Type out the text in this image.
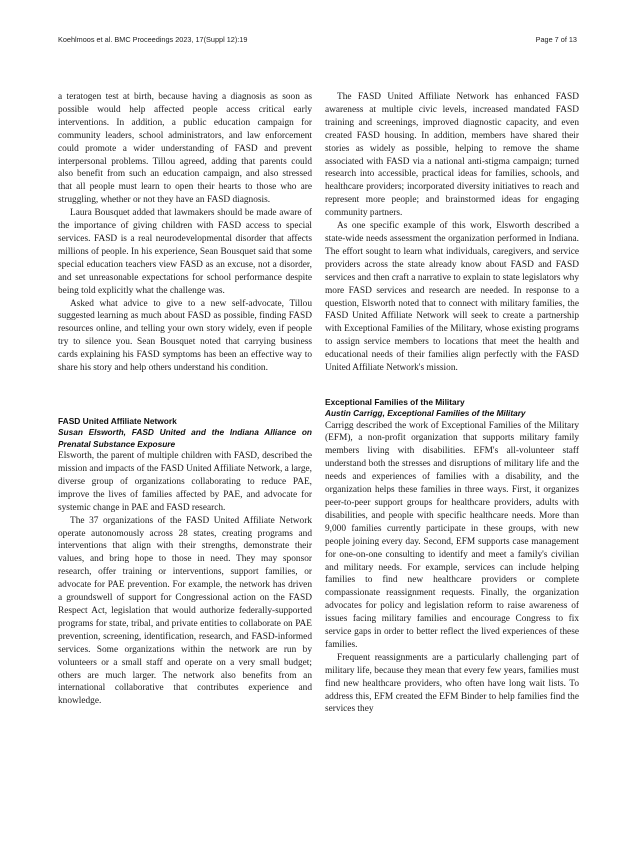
Koehlmoos et al. BMC Proceedings 2023, 17(Suppl 12):19	Page 7 of 13

a teratogen test at birth, because having a diagnosis as soon as possible would help affected people access critical early interventions. In addition, a public education campaign for community leaders, school administrators, and law enforcement could promote a wider understanding of FASD and prevent interpersonal problems. Tillou agreed, adding that parents could also benefit from such an education campaign, and also stressed that all people must learn to open their hearts to those who are struggling, whether or not they have an FASD diagnosis.

Laura Bousquet added that lawmakers should be made aware of the importance of giving children with FASD access to special services. FASD is a real neurodevelopmental disorder that affects millions of people. In his experience, Sean Bousquet said that some special education teachers view FASD as an excuse, not a disorder, and set unreasonable expectations for school performance despite being told explicitly what the challenge was.

Asked what advice to give to a new self-advocate, Tillou suggested learning as much about FASD as possible, finding FASD resources online, and telling your own story widely, even if people try to silence you. Sean Bousquet noted that carrying business cards explaining his FASD symptoms has been an effective way to share his story and help others understand his condition.

FASD United Affiliate Network
Susan Elsworth, FASD United and the Indiana Alliance on Prenatal Substance Exposure

Elsworth, the parent of multiple children with FASD, described the mission and impacts of the FASD United Affiliate Network, a large, diverse group of organizations collaborating to reduce PAE, improve the lives of families affected by PAE, and advocate for systemic change in PAE and FASD research.

The 37 organizations of the FASD United Affiliate Network operate autonomously across 28 states, creating programs and interventions that align with their strengths, demonstrate their values, and bring hope to those in need. They may sponsor research, offer training or interventions, support families, or advocate for PAE prevention. For example, the network has driven a groundswell of support for Congressional action on the FASD Respect Act, legislation that would authorize federally-supported programs for state, tribal, and private entities to collaborate on PAE prevention, screening, identification, research, and FASD-informed services. Some organizations within the network are run by volunteers or a small staff and operate on a very small budget; others are much larger. The network also benefits from an international collaborative that contributes experience and knowledge.

The FASD United Affiliate Network has enhanced FASD awareness at multiple civic levels, increased mandated FASD training and screenings, improved diagnostic capacity, and even created FASD housing. In addition, members have shared their stories as widely as possible, helping to remove the shame associated with FASD via a national anti-stigma campaign; turned research into accessible, practical ideas for families, schools, and healthcare providers; incorporated diversity initiatives to reach and represent more people; and brainstormed ideas for engaging community partners.

As one specific example of this work, Elsworth described a state-wide needs assessment the organization performed in Indiana. The effort sought to learn what individuals, caregivers, and service providers across the state already know about FASD and FASD services and then craft a narrative to explain to state legislators why more FASD services and research are needed. In response to a question, Elsworth noted that to connect with military families, the FASD United Affiliate Network will seek to create a partnership with Exceptional Families of the Military, whose existing programs to assign service members to locations that meet the health and educational needs of their families align perfectly with the FASD United Affiliate Network's mission.

Exceptional Families of the Military
Austin Carrigg, Exceptional Families of the Military

Carrigg described the work of Exceptional Families of the Military (EFM), a non-profit organization that supports military family members living with disabilities. EFM's all-volunteer staff understand both the stresses and disruptions of military life and the needs and experiences of families with a disability, and the organization helps these families in three ways. First, it organizes peer-to-peer support groups for healthcare providers, adults with disabilities, and people with specific healthcare needs. More than 9,000 families currently participate in these groups, with new people joining every day. Second, EFM supports case management for one-on-one consulting to identify and meet a family's civilian and military needs. For example, services can include helping families to find new healthcare providers or complete compassionate reassignment requests. Finally, the organization advocates for policy and legislation reform to raise awareness of issues facing military families and encourage Congress to fix service gaps in order to better reflect the lived experiences of these families.

Frequent reassignments are a particularly challenging part of military life, because they mean that every few years, families must find new healthcare providers, who often have long wait lists. To address this, EFM created the EFM Binder to help families find the services they
